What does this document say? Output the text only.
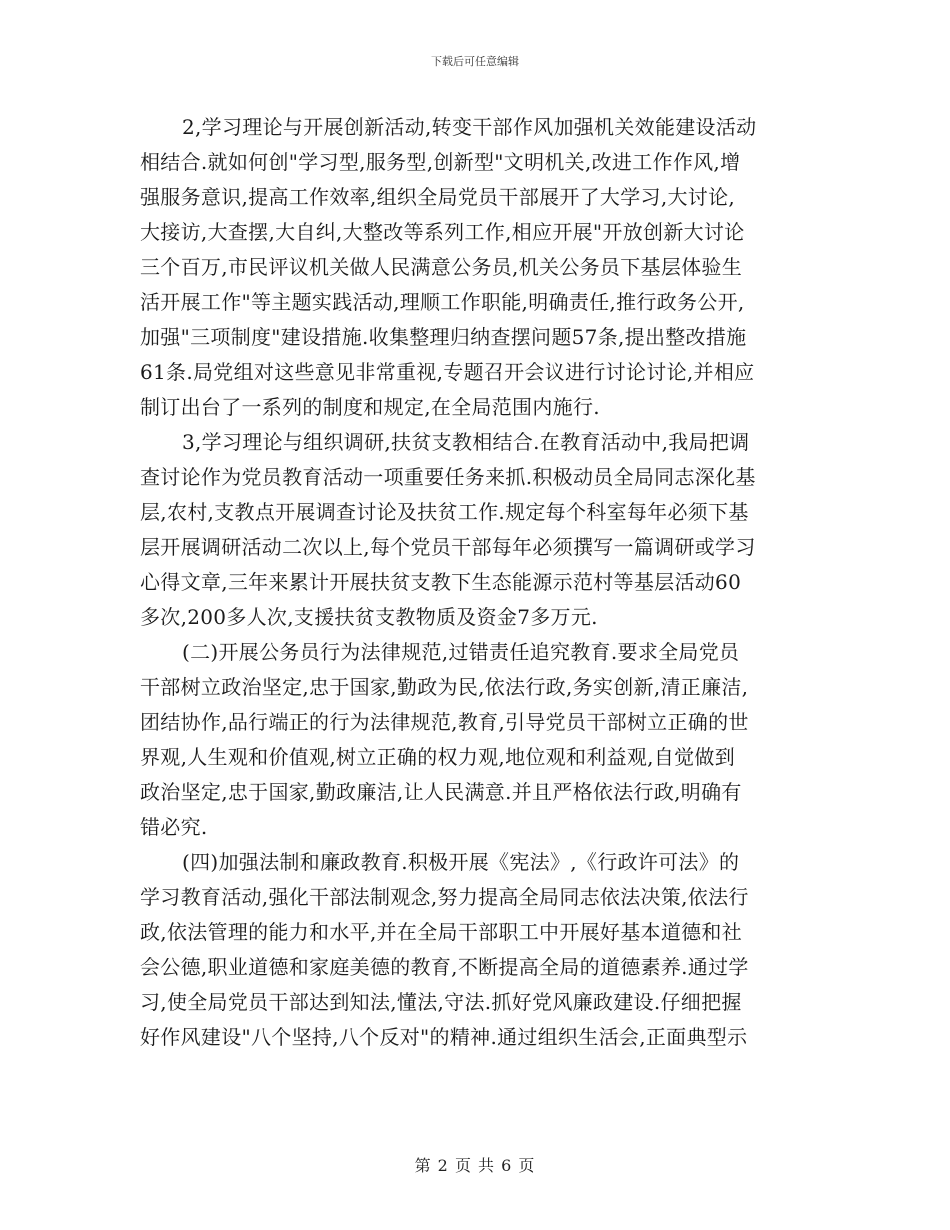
下载后可任意编辑
2,学习理论与开展创新活动,转变干部作风加强机关效能建设活动
相结合.就如何创"学习型,服务型,创新型"文明机关,改进工作作风,增
强服务意识,提高工作效率,组织全局党员干部展开了大学习,大讨论,
大接访,大查摆,大自纠,大整改等系列工作,相应开展"开放创新大讨论
三个百万,市民评议机关做人民满意公务员,机关公务员下基层体验生
活开展工作"等主题实践活动,理顺工作职能,明确责任,推行政务公开,
加强"三项制度"建设措施.收集整理归纳查摆问题57条,提出整改措施
61条.局党组对这些意见非常重视,专题召开会议进行讨论讨论,并相应
制订出台了一系列的制度和规定,在全局范围内施行.
3,学习理论与组织调研,扶贫支教相结合.在教育活动中,我局把调
查讨论作为党员教育活动一项重要任务来抓.积极动员全局同志深化基
层,农村,支教点开展调查讨论及扶贫工作.规定每个科室每年必须下基
层开展调研活动二次以上,每个党员干部每年必须撰写一篇调研或学习
心得文章,三年来累计开展扶贫支教下生态能源示范村等基层活动60
多次,200多人次,支援扶贫支教物质及资金7多万元.
(二)开展公务员行为法律规范,过错责任追究教育.要求全局党员
干部树立政治坚定,忠于国家,勤政为民,依法行政,务实创新,清正廉洁,
团结协作,品行端正的行为法律规范,教育,引导党员干部树立正确的世
界观,人生观和价值观,树立正确的权力观,地位观和利益观,自觉做到
政治坚定,忠于国家,勤政廉洁,让人民满意.并且严格依法行政,明确有
错必究.
(四)加强法制和廉政教育.积极开展《宪法》,《行政许可法》的
学习教育活动,强化干部法制观念,努力提高全局同志依法决策,依法行
政,依法管理的能力和水平,并在全局干部职工中开展好基本道德和社
会公德,职业道德和家庭美德的教育,不断提高全局的道德素养.通过学
习,使全局党员干部达到知法,懂法,守法.抓好党风廉政建设.仔细把握
好作风建设"八个坚持,八个反对"的精神.通过组织生活会,正面典型示
第 2 页 共 6 页
